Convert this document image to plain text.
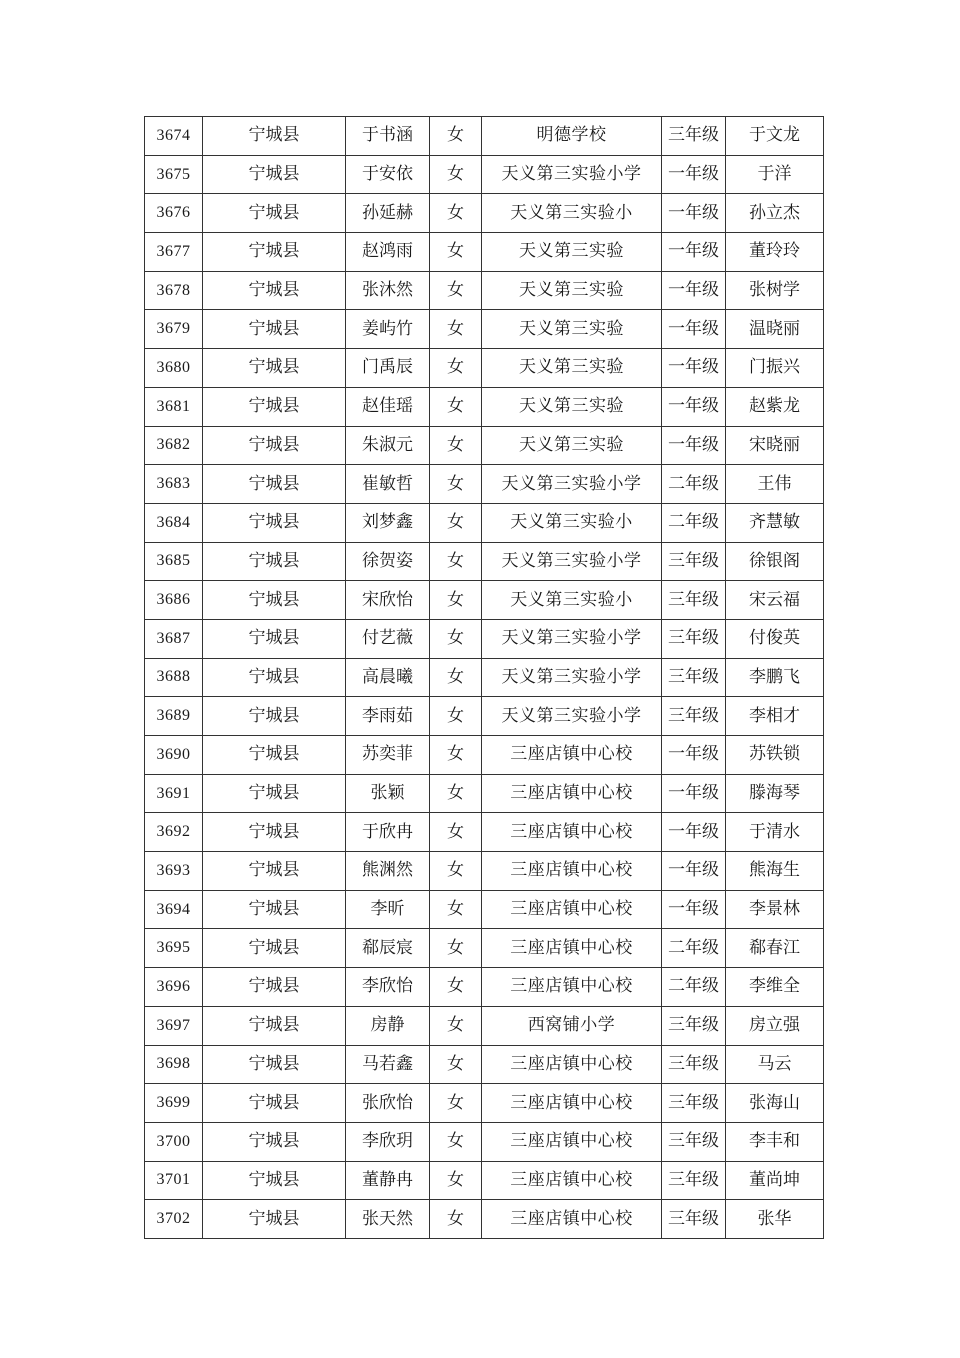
3674	宁城县	于书涵	女	明德学校	三年级	于文龙
3675	宁城县	于安依	女	天义第三实验小学	一年级	于洋
3676	宁城县	孙延赫	女	天义第三实验小	一年级	孙立杰
3677	宁城县	赵鸿雨	女	天义第三实验	一年级	董玲玲
3678	宁城县	张沐然	女	天义第三实验	一年级	张树学
3679	宁城县	姜屿竹	女	天义第三实验	一年级	温晓丽
3680	宁城县	门禹辰	女	天义第三实验	一年级	门振兴
3681	宁城县	赵佳瑶	女	天义第三实验	一年级	赵紫龙
3682	宁城县	朱淑元	女	天义第三实验	一年级	宋晓丽
3683	宁城县	崔敏哲	女	天义第三实验小学	二年级	王伟
3684	宁城县	刘梦鑫	女	天义第三实验小	二年级	齐慧敏
3685	宁城县	徐贺姿	女	天义第三实验小学	三年级	徐银阁
3686	宁城县	宋欣怡	女	天义第三实验小	三年级	宋云福
3687	宁城县	付艺薇	女	天义第三实验小学	三年级	付俊英
3688	宁城县	高晨曦	女	天义第三实验小学	三年级	李鹏飞
3689	宁城县	李雨茹	女	天义第三实验小学	三年级	李相才
3690	宁城县	苏奕菲	女	三座店镇中心校	一年级	苏铁锁
3691	宁城县	张颖	女	三座店镇中心校	一年级	滕海琴
3692	宁城县	于欣冉	女	三座店镇中心校	一年级	于清水
3693	宁城县	熊渊然	女	三座店镇中心校	一年级	熊海生
3694	宁城县	李昕	女	三座店镇中心校	一年级	李景林
3695	宁城县	郗辰宸	女	三座店镇中心校	二年级	郗春江
3696	宁城县	李欣怡	女	三座店镇中心校	二年级	李维全
3697	宁城县	房静	女	西窝铺小学	三年级	房立强
3698	宁城县	马若鑫	女	三座店镇中心校	三年级	马云
3699	宁城县	张欣怡	女	三座店镇中心校	三年级	张海山
3700	宁城县	李欣玥	女	三座店镇中心校	三年级	李丰和
3701	宁城县	董静冉	女	三座店镇中心校	三年级	董尚坤
3702	宁城县	张天然	女	三座店镇中心校	三年级	张华
